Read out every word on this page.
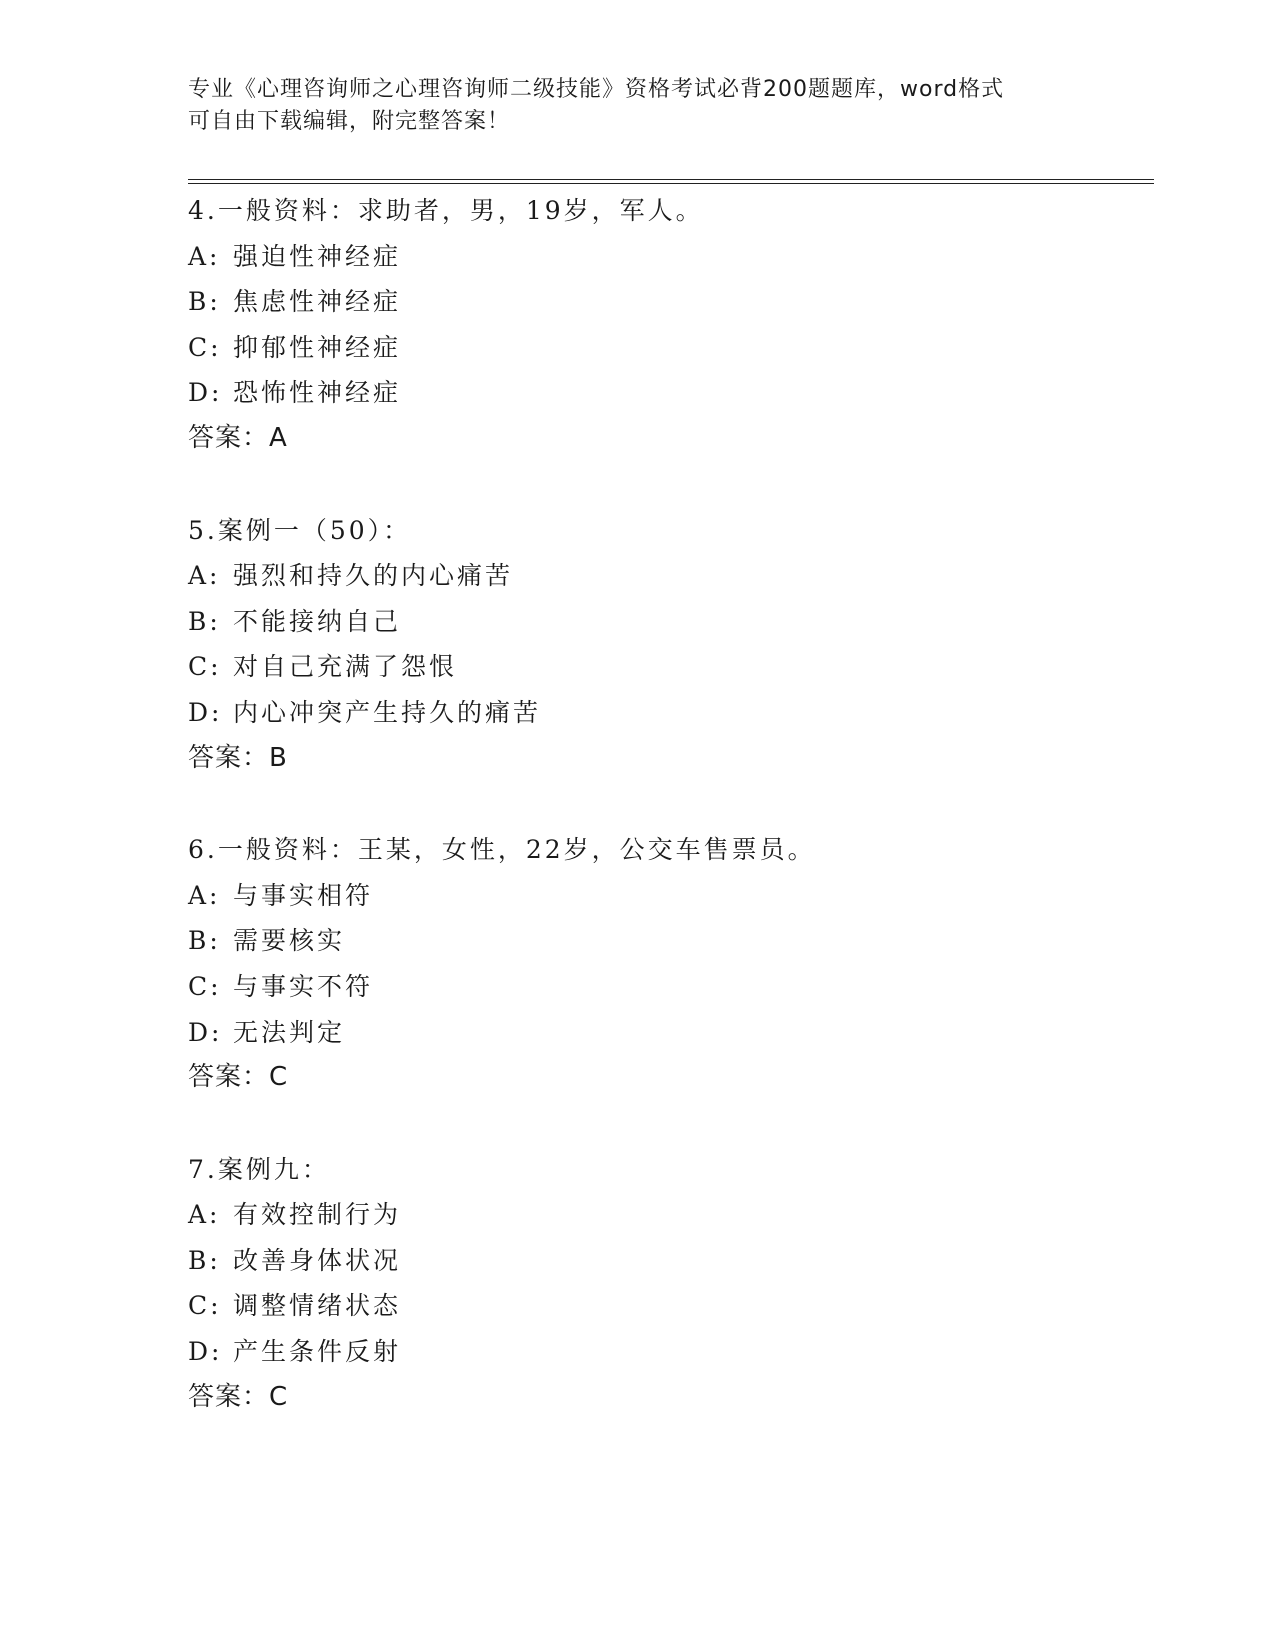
专业《心理咨询师之心理咨询师二级技能》资格考试必背200题题库，word格式
可自由下载编辑，附完整答案！
4.一般资料：求助者，男，19岁，军人。
A: 强迫性神经症
B: 焦虑性神经症
C: 抑郁性神经症
D: 恐怖性神经症
答案：A
5.案例一（50）：
A: 强烈和持久的内心痛苦
B: 不能接纳自己
C: 对自己充满了怨恨
D: 内心冲突产生持久的痛苦
答案：B
6.一般资料：王某，女性，22岁，公交车售票员。
A: 与事实相符
B: 需要核实
C: 与事实不符
D: 无法判定
答案：C
7.案例九：
A: 有效控制行为
B: 改善身体状况
C: 调整情绪状态
D: 产生条件反射
答案：C
